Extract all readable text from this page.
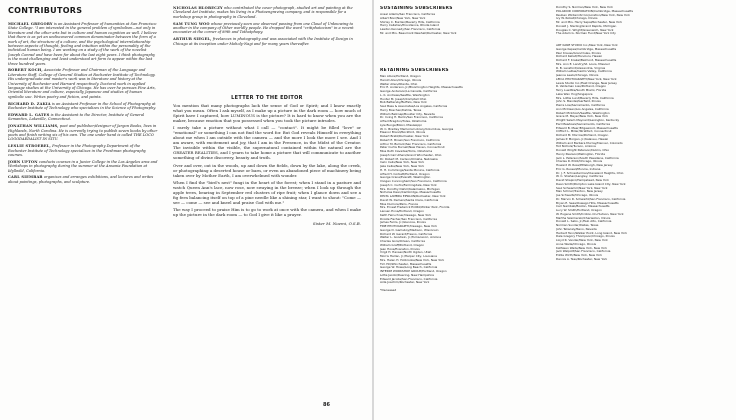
CONTRIBUTORS

MICHAEL GREGORY is an Assistant Professor of humanities at San Francisco State College. "I am interested in the general problem of symbolism—not only in literature and the other arts but in culture and human cognition as well. I believe that there is as yet an undiscovered common denominator between the form of a work of art, the structure of a culture, and the psychological interrelationship between aspects of thought, feeling and intuition within the personality of the individual human being. I am working on a study of the work of the novelist Joseph Conrad and have been for about the last eight years. I think photography is the most challenging and least understood art form to appear within the last three hundred years.

ROBERT KOCH, Associate Professor and Chairman of the Language and Literature Staff, College of General Studies at Rochester Institute of Technology. His undergraduate and master's work was in literature and history at the University of Rochester and Harvard respectively. Doctoral work in applied language studies at the University of Chicago. He has over he pursues Fine Arts, Oriental literature and culture, especially Japanese and studies of human symbolic use. Writes poetry and fiction, and paints.

RICHARD D. ZAKIA is an Assistant Professor in the School of Photography at Rochester Institute of Technology who specializes in the Science of Photography.

EDWARD L. GATES is the Assistant to the Director, Institute of General Semantics, Lakeville, Connecticut.

JONATHAN WILLIAMS, poet and publisher/designer of Jargon Books, lives in Highlands, North Carolina. He is currently trying to publish seven books by other poets and finish writing six of his own. The one under hand is called THE LOCO LOGODAEDALIST IN SITU.

LESLIE STROEBEL, Professor in the Photography Department of the Rochester Institute of Technology specializes in the Freshman photography courses.

JOHN UPTON conducts courses in a Junior College in the Los Angeles area and Workshops in photography during the summer at the Ansonia Foundation at Idyllwild, California.

CARL SIEMBAB organizes and arranges exhibitions, and lectures and writes about paintings, photographs, and sculpture.

NICHOLAS HLOBECZY who contributed the cover photograph, studied art and painting at the Cleveland Art Institute, makes his living in a Photoengraving company, and is responsible for a workshop group in photography in Cleveland.

SAM TUNG WOO whose previously seen one observed passing from one Cloud of Unknowing to another in the company of Other worldly people. He dropped the word "critiphotocism" in a recent encounter at the corner of 89th and Tothatphopy.

ARTHUR SIEGEL, freelances in photography and was associated with the Institute of Design in Chicago at its inception under Moholy-Nagi and for many years thereafter.

LETTER TO THE EDITOR

You mention that many photographs lack the sense of God or Spirit; and I know exactly what you mean. Often I ask myself, as I make up a picture in the dark room — how much of Spirit have I captured, how LUMINOUS is the picture? It is hard to know when you are the maker, because emotion that you possessed when you took the picture intrudes.

I rarely take a picture without what I call — "contact". It might be filled "love" or "emotional" or something I can not find the word for. But God reveals Himself in everything about me when I am outside with the camera — and the more I look the more I see. And I am aware, with excitement and joy, that I am in the Presence, in the Midst of the Creator. The invisible within the visible, the supernatural contained within the natural are the GREATER REALITIES, and I yearn to take home a picture that will communicate to another something of divine discovery, beauty and truth.

Over and over, out in the woods, up and down the fields, down by the lake, along the creek, or photographing a deserted house or barn, or even an abandoned piece of machinery being taken over by Mother Earth, I am overwhelmed with wonder.

When I find the "bird's nest" fungi in the heart of the forest; when I stand in a pasture and watch Queen Ann's lace, now rose, now swaying in the breeze; when I look up through the apple trees, bearing in September red clusters of ripe fruit; when I glance down and see a fig fern balancing itself on top of a pine needle like a shining star, I want to shout: "Come — see — come — see and kneel and praise God with me."

The way I proceed to praise Him is to go to work at once with the camera, and when I make up the picture in the dark room — to God I give it like a prayer.

Sister M. Noemi, O.S.B.
86
SUSTAINING SUBSCRIBERS
Ansel Adams/San Francisco, California
Albert Boni/New York, New York
Shirley C. Burden/Beverly Hills, California
Harry Callahan/Providence, Rhode Island
Lawton Kennedy/San Francisco, California
Mr. and Mrs. Beaumont Newhall/Rochester, New York
Dorothy S. Norman/New York, New York
POLAROID CORPORATION/Cambridge, Massachusetts
Reuben Winternitz Corporation/New York, New York
Ivy W. Robat/Chicago, Illinois
Mr. and Mrs. Harry Sepal/Rochester, New York
Donald J. Sterling/Grand Rapids, Michigan
Douglas C. Wright/Greenwich, New York
The Adam G. Norman Fund/New York City
RETAINING SUBSCRIBERS
Max Allure/Portland, Oregon
Harold Allen/Chicago, Illinois
Walter Allen/Atlanta, Ohio
Eric E. Anderson, Jr./Bloomington Heights, Massachusetts
George Anderson/La Canada, California
L. K. Andrews/Seattle, Washington
Hunter M. Joseph/Comptell Ohio
Bob Battersby/Buffalo, New York
Saul Bass & Associates/Los Angeles, California
Harry Boschen/Dahlia, Texas
William Belknap/Boulder City, Nevada
Dr. Irving H. Berlin/San Francisco, California
Alfred Bragdon/Tulsa, Oklahoma
Lyle Bunge/Biloxi, Mississippi
W. C. Bradley Memorial Library/Columbus, Georgia
Eleanor Brand/Rockford, Illinois
Robert Bretz/Rochester, New York
Robert E. Brown/San Francisco, California
Arthur M. Bullock/San Francisco, California
Peter Curtis Burnell/New Haven, Connecticut
Miss Ruth Cavadas/Toms, Oklahoma
Joseph Carruthers/Grand Winchester, Ohio
Dr. Robert M. Carlson/Omaha, Nebraska
Irwin Celis/New York, New York
Jake Celka/New York, New York
H. H. Cummings/Santa Monica, California
Alfred H. Corbett/Portland, Oregon
George Crane/Everett, Washington
Imogen Cunningham/San Francisco, California
Joseph C. Curtis/Farmingdale, New York
Mrs. Dorothy Dahm/Kalamazoo, Michigan
Nicholas Dean/Cambridge, Massachusetts
DELTA LAMBDA EPSILON/Rochester, New York
David W. Demers/Santa Clara, California
Miss Dumore/Paris, France
Mrs. Ernest Frederick Eidlitz/Winter Park, Florida
Lansen Enna/Portland, Oregon
Keith Feiruchner/Oswego, New York
Droste Fischer/San Francisco, California
James Ferris, Jr./Glencoe, Illinois
FINE PHOTOGRAPHY/Oswego, New York
George D. Gamsboy/Madison, Wisconsin
Richard W. Gerard/Fresno, California
Walter L. Goodwin, Jr./Tumacacori, Arizona
Charles Gora/Orlean, California
William Graff/Portland, Oregon
Jean Hoos/Evanston, Illinois
Virgil H. Hansen/North Ogden, Utah
Morris Harlan, Jr./Harper City, Louisiana
Mrs. Helen H. Holbrooke/New York, New York
Tim Hill/Winchester, Massachusetts
George W. Howe/Long Beach, California
INTERIM WORKSHOP GROUP/Portland, Oregon
Lotte Jacobi/Deering, New Hampshire
Edward Jacobs/San Francisco, California
Aida Joachim/Rochester, New York
*Deceased
ART KANE STUDIO Inc./New York, New York
George Kepes/Cambridge, Massachusetts
Paul Krauss/Grand Isles, Illinois
Richard Kellalt/Honolulu, Hawaii
Richard F. Krakel/Belmont, Massachusetts
Mrs. Ann E. Landry/St. Louis, Missouri
R. B. Lansford/Alexandria, Virginia
William LeRue/Castro Valley, California
Jeanne Lewis/Chicago, Illinois
LEICA PHOTOGRAPHY/New York, New York
Lewis Studio Inc./East Orange, New Jersey
R. Veldeman Lies/Portland, Oregon
Terry Luedtke/South Miami, Florida
Lake Wan Ying/Singapore
Mrs. Lottie Lund/Beverly Hills, California
John S. Mandel/Garfield, Illinois
Pierre Low/Sacramento, California
Ann McCleen/Los Angeles, California
Robert McIntosh/Seattle, Washington
Grace M. Mayer/New York, New York
Wright Salem Maynard/Lexington, Kentucky
Earl Meadows/Sacramento, California
Edward B. Meer/Edgewood, Massachusetts
Clifford L. Miller/Stratford, Connecticut
Richard M. Morrow/Portland, Oregon
James P. Morgan, Jr./Kalaveu, Hawaii
William and Barbara Murray/Denver, Colorado
Tod Nichols/Tucson, Arizona
Donald Wright Peterson/Dublin, Ohio
Henry Pearson/Wellington, Florida
Jack L. Peterson/South Pasadena, California
Charles R. Pillot/Chicago, Illinois
Howard W. Ross/Pittsburgh, New Jersey
Eric G. Russell/Muncie, Indiana
Dr. J. F. Schneiderman/Cleveland Heights, Ohio
W. C. Shahan/Langley, California
David Shapiro/Hempstead, New York
Dean Smith/Pompton Lake Island City, New York
Saul Schwamm/New York, New York
Max Schrier/Trenton, New Jersey
Joe Schwartz/Chicago, Illinois
Dr. Marvin D. Schwartz/San Francisco, California
Bryan E. Seas/Oswego Hills, Massachusetts
Carl Siembab/Boston, Massachusetts
Lucy W. Smith/Portland, Oregon
W. Eugene Smith/Croton-On-Hudson, New York
Martha Szeimerski/Charleston, Illinois
Donald L. Sabo, Jr./Palo Alto, California
Norman Sunder/Dallas, Texas
John Teliacaly/Reno, Nevada
Herbert Tenn/Walker Point, Long Island, New York
Dale Gregory Thompson/Chicago, Illinois
Lloyd R. Vander/New York, New York
Anne Wade/Chicago, Illinois
Kathleen Wade/New York, New York
Jack Welpott/San Francisco, California
Eddie Wirth/New York, New York
Dennis A. Tess/Rochester, New York
